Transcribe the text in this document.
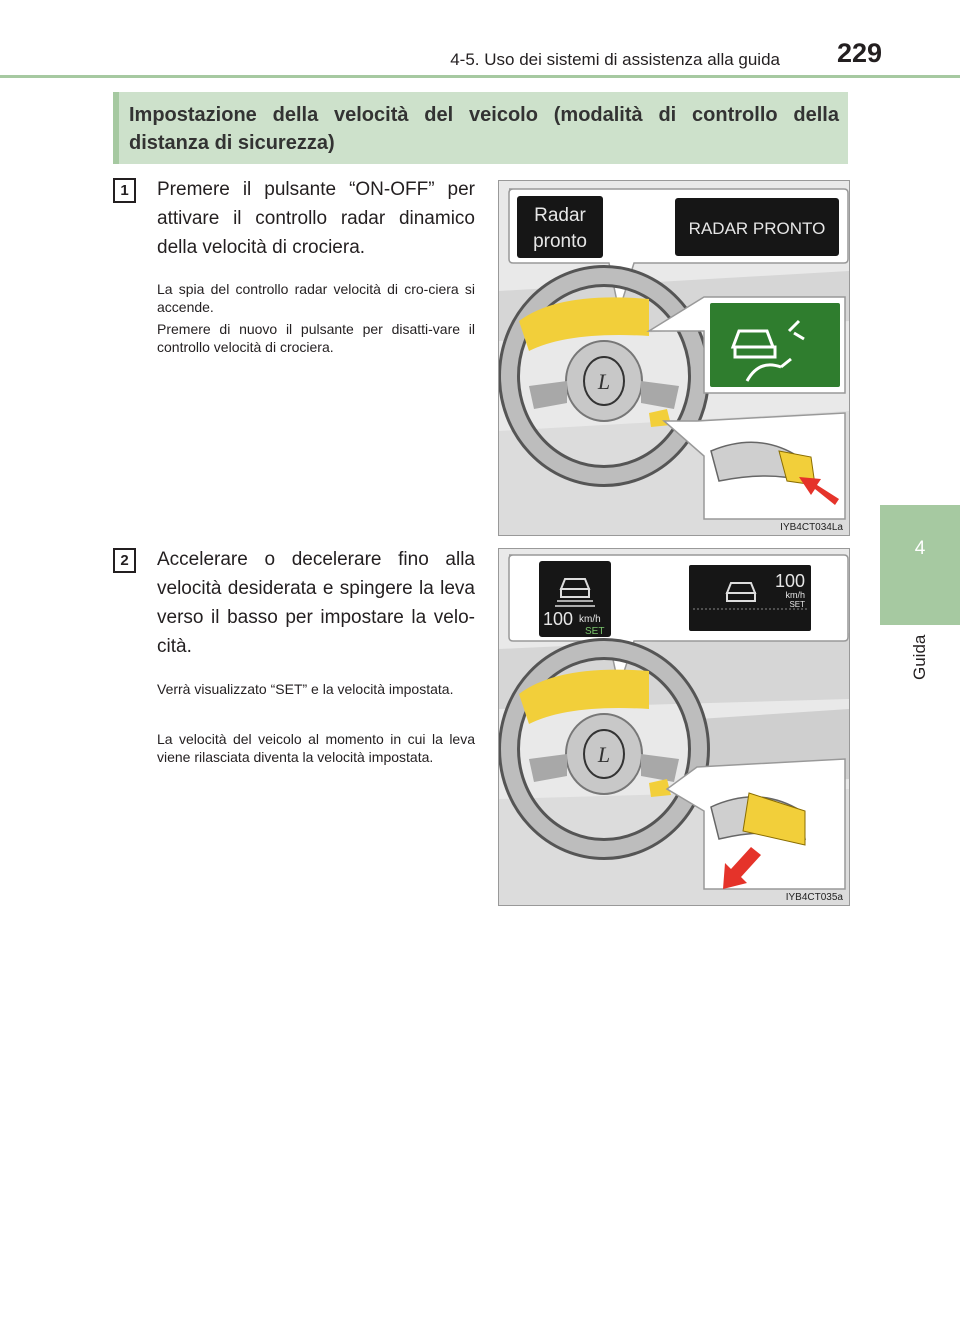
4-5. Uso dei sistemi di assistenza alla guida 229
4
Guida
Impostazione della velocità del veicolo (modalità di controllo della distanza di sicurezza)
1	Premere il pulsante “ON-OFF” per attivare il controllo radar dinamico della velocità di crociera.
La spia del controllo radar velocità di cro-ciera si accende.
Premere di nuovo il pulsante per disatti-vare il controllo velocità di crociera.
Radar
pronto
RADAR PRONTO
L
IYB4CT034La
2	Accelerare o decelerare fino alla velocità desiderata e spingere la leva verso il basso per impostare la velo-cità.
Verrà visualizzato “SET” e la velocità impostata.
La velocità del veicolo al momento in cui la leva viene rilasciata diventa la velocità impostata.
100 km/h
SET
100
km/h
SET
L
IYB4CT035a
